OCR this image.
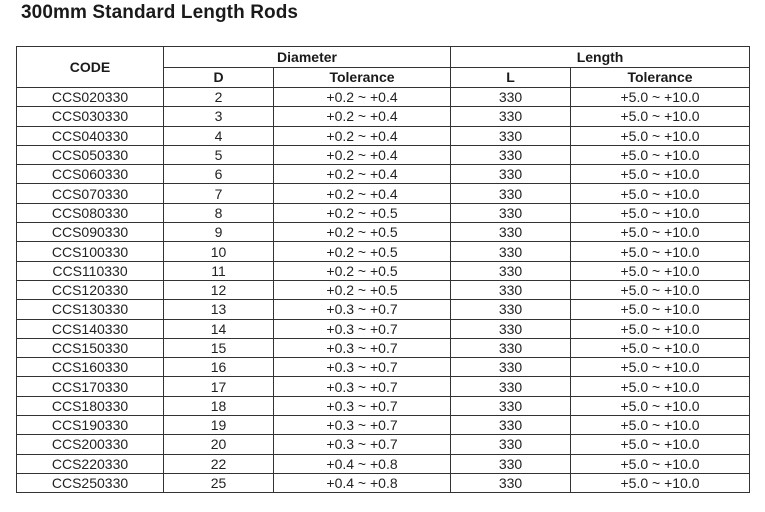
300mm Standard Length Rods
CODE	Diameter		Length	
	D	Tolerance	L	Tolerance
CCS020330	2	+0.2 ~ +0.4	330	+5.0 ~ +10.0
CCS030330	3	+0.2 ~ +0.4	330	+5.0 ~ +10.0
CCS040330	4	+0.2 ~ +0.4	330	+5.0 ~ +10.0
CCS050330	5	+0.2 ~ +0.4	330	+5.0 ~ +10.0
CCS060330	6	+0.2 ~ +0.4	330	+5.0 ~ +10.0
CCS070330	7	+0.2 ~ +0.4	330	+5.0 ~ +10.0
CCS080330	8	+0.2 ~ +0.5	330	+5.0 ~ +10.0
CCS090330	9	+0.2 ~ +0.5	330	+5.0 ~ +10.0
CCS100330	10	+0.2 ~ +0.5	330	+5.0 ~ +10.0
CCS110330	11	+0.2 ~ +0.5	330	+5.0 ~ +10.0
CCS120330	12	+0.2 ~ +0.5	330	+5.0 ~ +10.0
CCS130330	13	+0.3 ~ +0.7	330	+5.0 ~ +10.0
CCS140330	14	+0.3 ~ +0.7	330	+5.0 ~ +10.0
CCS150330	15	+0.3 ~ +0.7	330	+5.0 ~ +10.0
CCS160330	16	+0.3 ~ +0.7	330	+5.0 ~ +10.0
CCS170330	17	+0.3 ~ +0.7	330	+5.0 ~ +10.0
CCS180330	18	+0.3 ~ +0.7	330	+5.0 ~ +10.0
CCS190330	19	+0.3 ~ +0.7	330	+5.0 ~ +10.0
CCS200330	20	+0.3 ~ +0.7	330	+5.0 ~ +10.0
CCS220330	22	+0.4 ~ +0.8	330	+5.0 ~ +10.0
CCS250330	25	+0.4 ~ +0.8	330	+5.0 ~ +10.0
